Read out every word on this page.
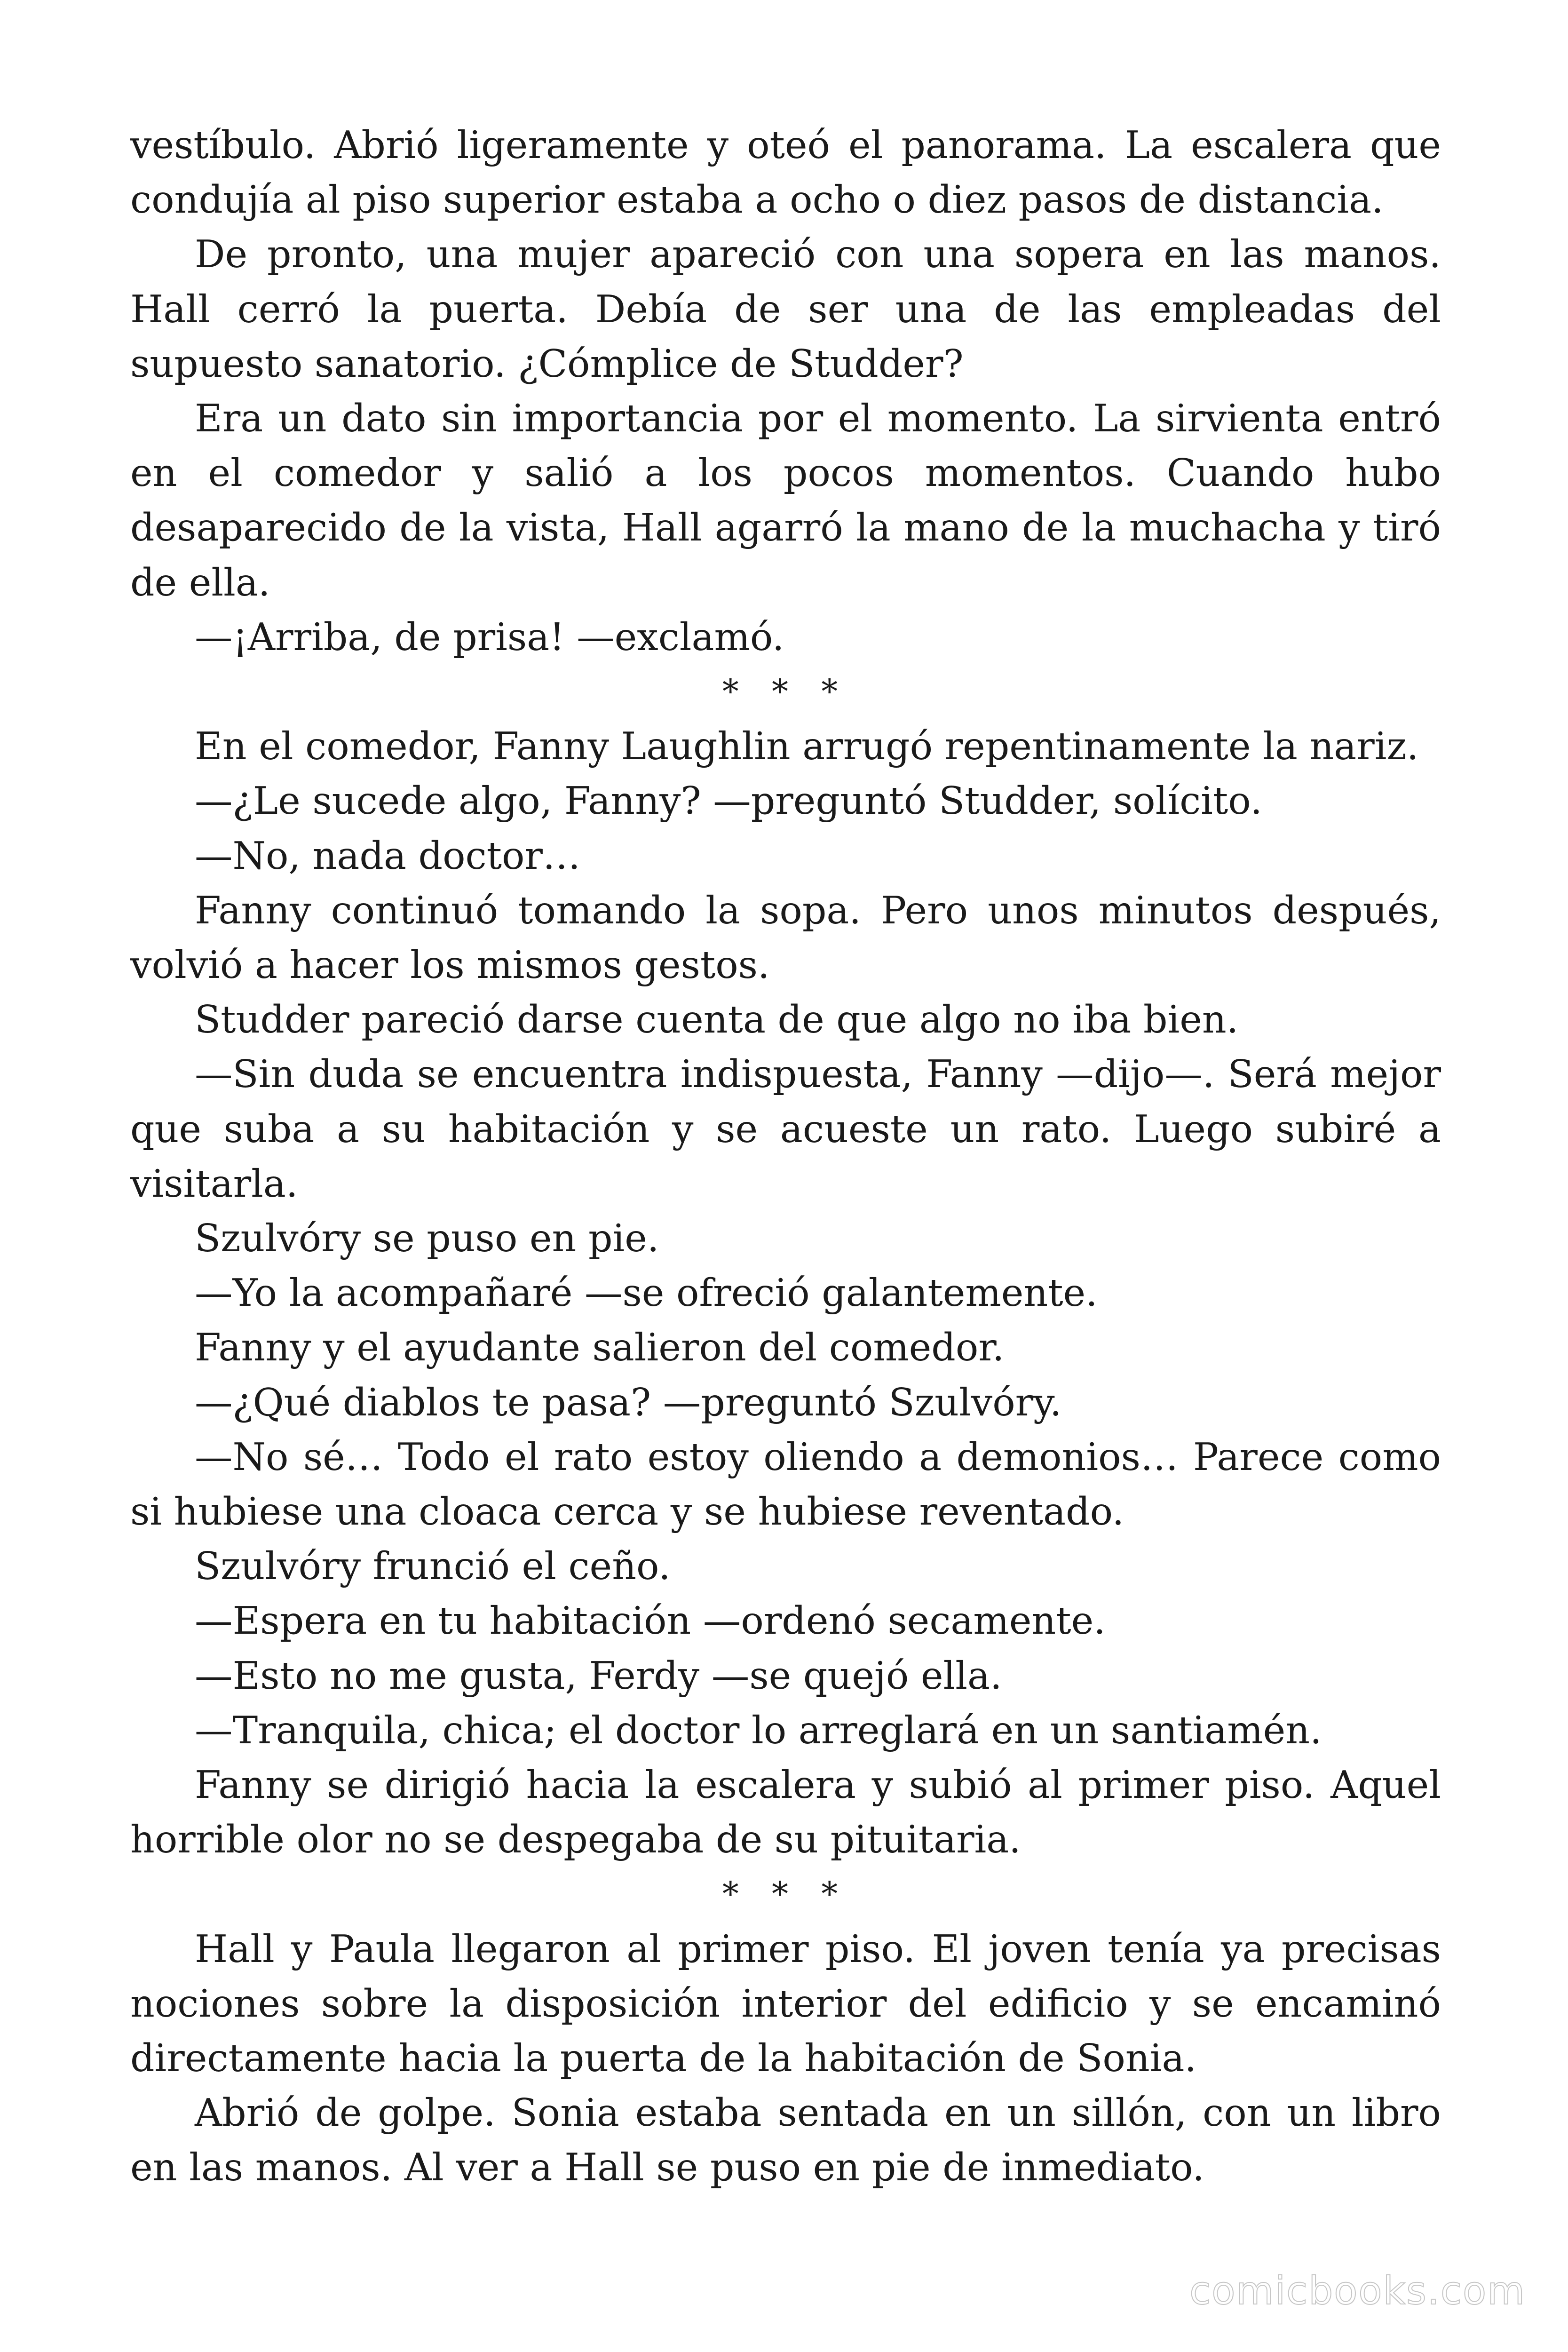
vestíbulo. Abrió ligeramente y oteó el panorama. La escalera que condujía al piso superior estaba a ocho o diez pasos de distancia.

De pronto, una mujer apareció con una sopera en las manos. Hall cerró la puerta. Debía de ser una de las empleadas del supuesto sanatorio. ¿Cómplice de Studder?

Era un dato sin importancia por el momento. La sirvienta entró en el comedor y salió a los pocos momentos. Cuando hubo desaparecido de la vista, Hall agarró la mano de la muchacha y tiró de ella.

—¡Arriba, de prisa! —exclamó.

* * *

En el comedor, Fanny Laughlin arrugó repentinamente la nariz.

—¿Le sucede algo, Fanny? —preguntó Studder, solícito.

—No, nada doctor…

Fanny continuó tomando la sopa. Pero unos minutos después, volvió a hacer los mismos gestos.

Studder pareció darse cuenta de que algo no iba bien.

—Sin duda se encuentra indispuesta, Fanny —dijo—. Será mejor que suba a su habitación y se acueste un rato. Luego subiré a visitarla.

Szulvóry se puso en pie.

—Yo la acompañaré —se ofreció galantemente.

Fanny y el ayudante salieron del comedor.

—¿Qué diablos te pasa? —preguntó Szulvóry.

—No sé… Todo el rato estoy oliendo a demonios… Parece como si hubiese una cloaca cerca y se hubiese reventado.

Szulvóry frunció el ceño.

—Espera en tu habitación —ordenó secamente.

—Esto no me gusta, Ferdy —se quejó ella.

—Tranquila, chica; el doctor lo arreglará en un santiamén.

Fanny se dirigió hacia la escalera y subió al primer piso. Aquel horrible olor no se despegaba de su pituitaria.

* * *

Hall y Paula llegaron al primer piso. El joven tenía ya precisas nociones sobre la disposición interior del edificio y se encaminó directamente hacia la puerta de la habitación de Sonia.

Abrió de golpe. Sonia estaba sentada en un sillón, con un libro en las manos. Al ver a Hall se puso en pie de inmediato.

comicbooks.com
